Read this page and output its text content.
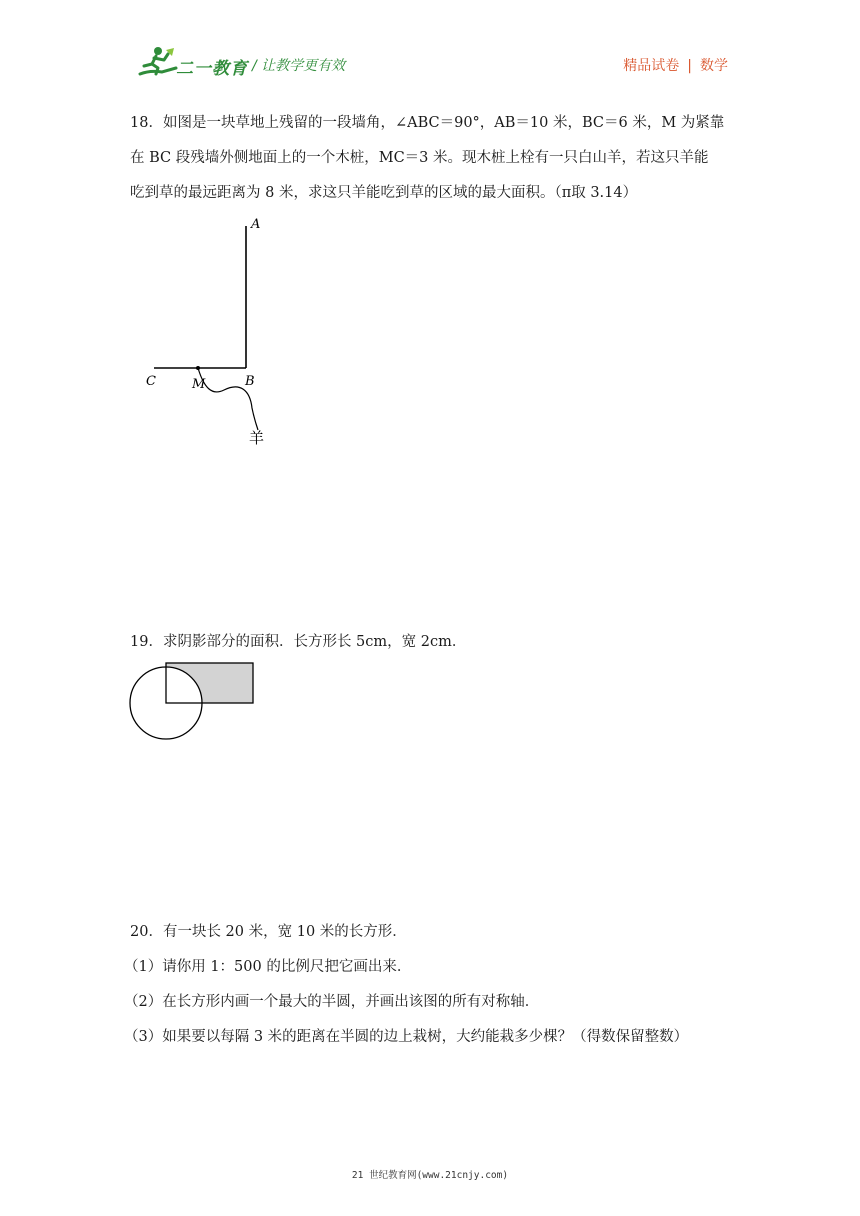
二一教育 / 让教学更有效	精品试卷 | 数学
18．如图是一块草地上残留的一段墙角，∠ABC＝90°，AB＝10 米，BC＝6 米，M 为紧靠
在 BC 段残墙外侧地面上的一个木桩，MC＝3 米。现木桩上栓有一只白山羊，若这只羊能
吃到草的最远距离为 8 米，求这只羊能吃到草的区域的最大面积。（π取 3.14）
A
B
C	M
羊
19．求阴影部分的面积．长方形长 5cm，宽 2cm．
20．有一块长 20 米，宽 10 米的长方形．
（1）请你用 1：500 的比例尺把它画出来．
（2）在长方形内画一个最大的半圆，并画出该图的所有对称轴．
（3）如果要以每隔 3 米的距离在半圆的边上栽树，大约能栽多少棵？（得数保留整数）
21 世纪教育网(www.21cnjy.com)
